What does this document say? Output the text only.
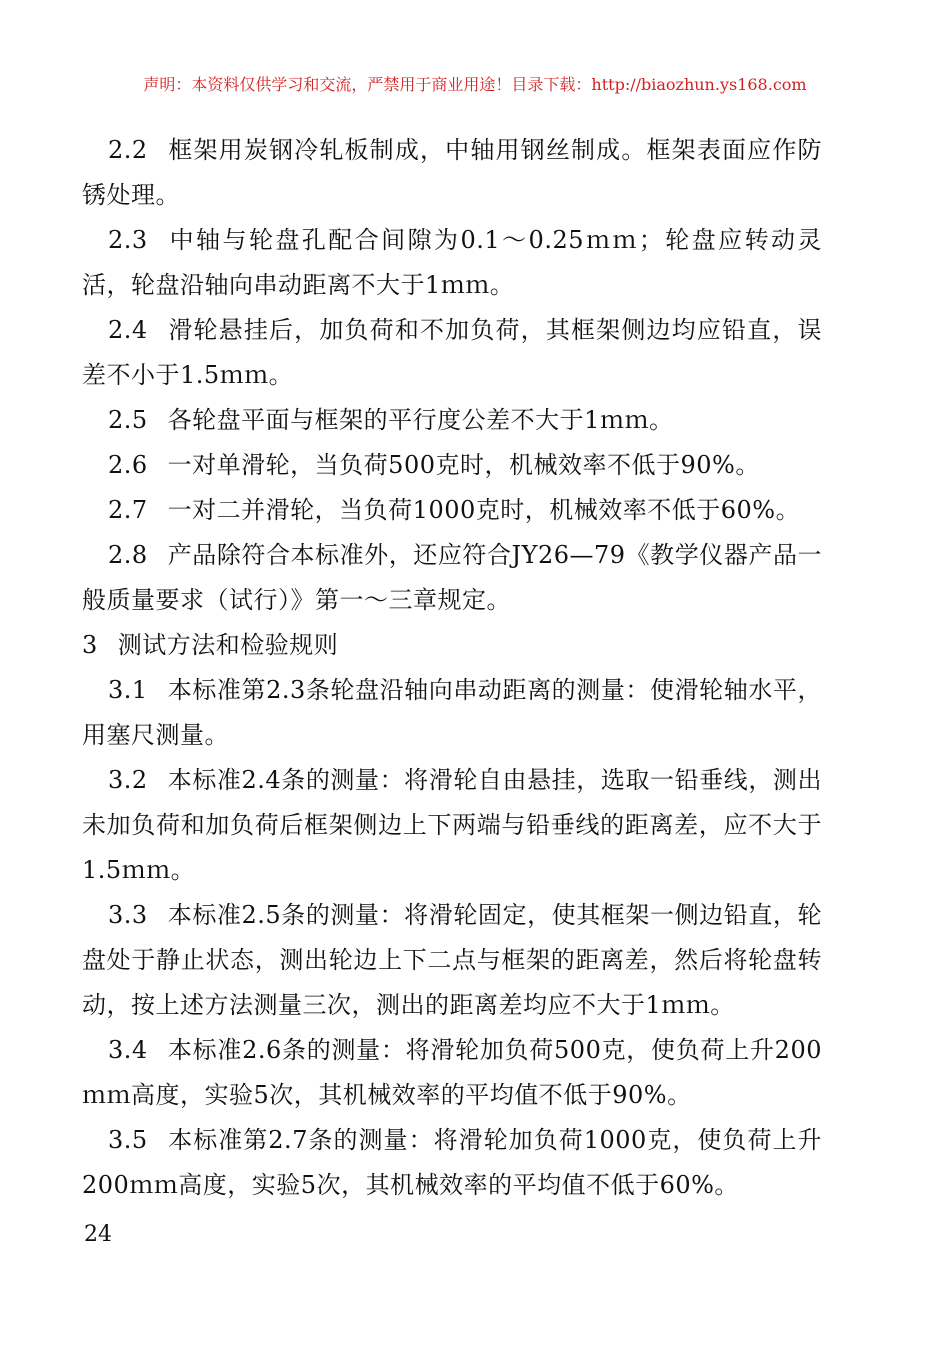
声明：本资料仅供学习和交流，严禁用于商业用途！目录下载：http://biaozhun.ys168.com

2.2 框架用炭钢冷轧板制成，中轴用钢丝制成。框架表面应作防锈处理。

2.3 中轴与轮盘孔配合间隙为0.1～0.25ｍｍ；轮盘应转动灵活，轮盘沿轴向串动距离不大于1ｍｍ。

2.4 滑轮悬挂后，加负荷和不加负荷，其框架侧边均应铅直，误差不小于1.5ｍｍ。

2.5 各轮盘平面与框架的平行度公差不大于1ｍｍ。

2.6 一对单滑轮，当负荷500克时，机械效率不低于90%。

2.7 一对二并滑轮，当负荷1000克时，机械效率不低于60%。

2.8 产品除符合本标准外，还应符合JY26—79《教学仪器产品一般质量要求（试行）》第一～三章规定。

3 测试方法和检验规则

3.1 本标准第2.3条轮盘沿轴向串动距离的测量：使滑轮轴水平，用塞尺测量。

3.2 本标准2.4条的测量：将滑轮自由悬挂，选取一铅垂线，测出未加负荷和加负荷后框架侧边上下两端与铅垂线的距离差，应不大于1.5ｍｍ。

3.3 本标准2.5条的测量：将滑轮固定，使其框架一侧边铅直，轮盘处于静止状态，测出轮边上下二点与框架的距离差，然后将轮盘转动，按上述方法测量三次，测出的距离差均应不大于1ｍｍ。

3.4 本标准2.6条的测量：将滑轮加负荷500克，使负荷上升200ｍｍ高度，实验5次，其机械效率的平均值不低于90%。

3.5 本标准第2.7条的测量：将滑轮加负荷1000克，使负荷上升200ｍｍ高度，实验5次，其机械效率的平均值不低于60%。

24
